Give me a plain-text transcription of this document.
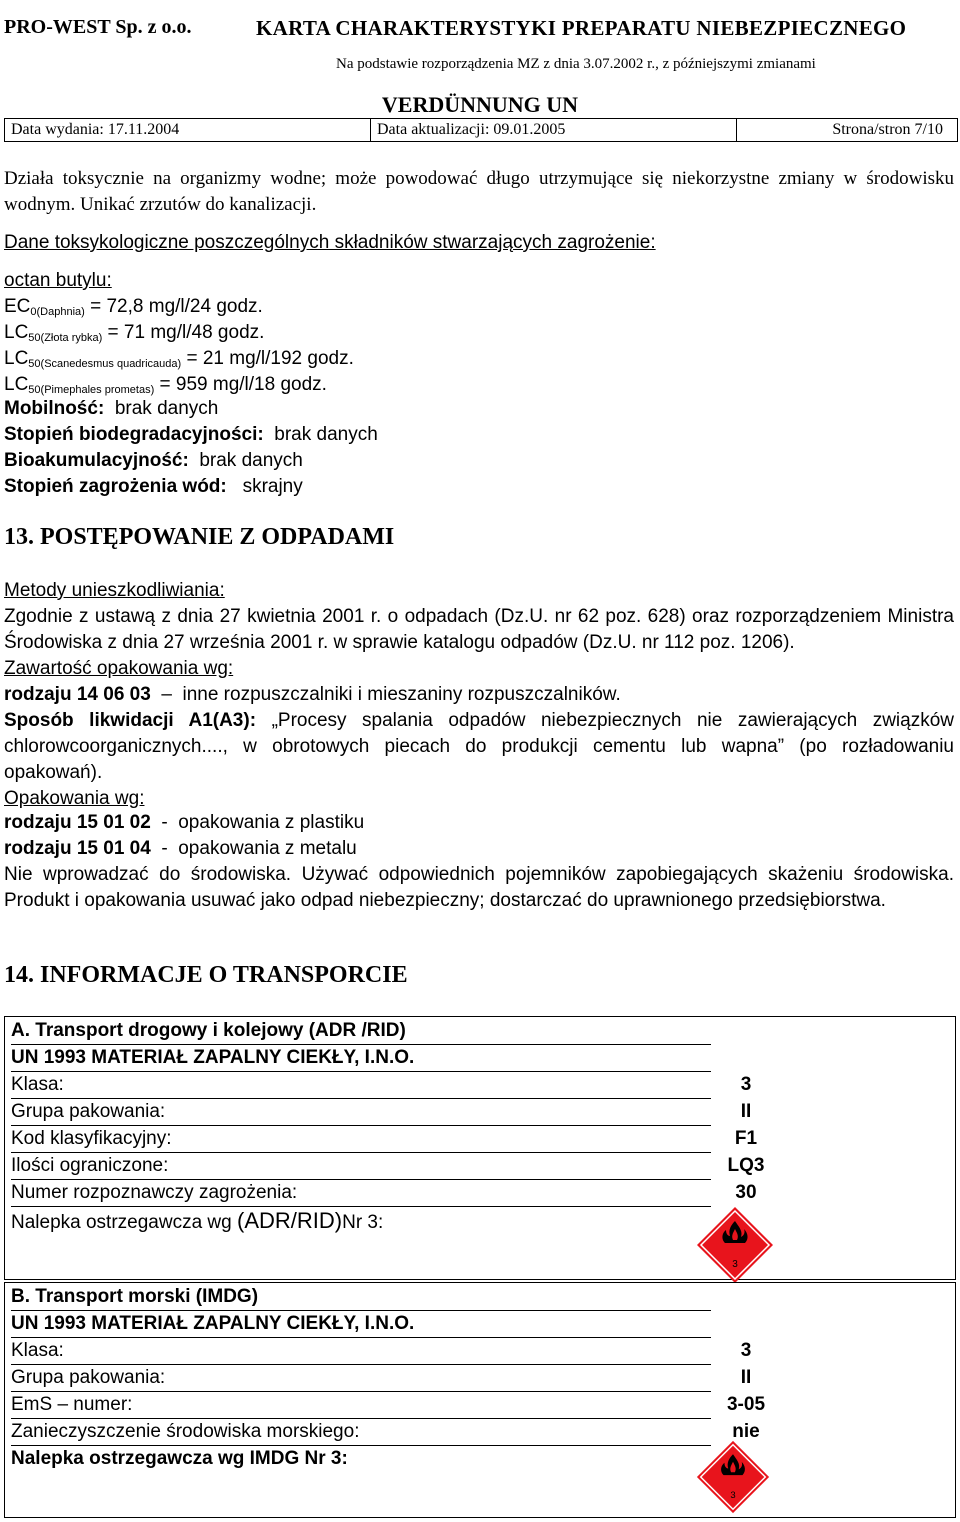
PRO-WEST Sp. z o.o.	KARTA CHARAKTERYSTYKI PREPARATU NIEBEZPIECZNEGO
Na podstawie rozporządzenia MZ z dnia 3.07.2002 r., z późniejszymi zmianami
VERDÜNNUNG UN
Data wydania: 17.11.2004	Data aktualizacji: 09.01.2005	Strona/stron 7/10
Działa toksycznie na organizmy wodne; może powodować długo utrzymujące się niekorzystne zmiany w środowisku wodnym. Unikać zrzutów do kanalizacji.
Dane toksykologiczne poszczególnych składników stwarzających zagrożenie:
octan butylu:
$EC_{0(Daphnia)} = 72,8$ mg/l/24 godz.
$LC_{50(Złota rybka)} = 71$ mg/l/48 godz.
$LC_{50(Scanedesmus quadricauda)} = 21$ mg/l/192 godz.
$LC_{50(Pimephales prometas)} = 959$ mg/l/18 godz.
Mobilność:  brak danych
Stopień biodegradacyjności:  brak danych
Bioakumulacyjność:  brak danych
Stopień zagrożenia wód:   skrajny
13. POSTĘPOWANIE Z ODPADAMI
Metody unieszkodliwiania:
Zgodnie z ustawą z dnia 27 kwietnia 2001 r. o odpadach (Dz.U. nr 62 poz. 628) oraz rozporządzeniem Ministra Środowiska z dnia 27 września 2001 r. w sprawie katalogu odpadów (Dz.U. nr 112 poz. 1206).
Zawartość opakowania wg:
rodzaju 14 06 03  –  inne rozpuszczalniki i mieszaniny rozpuszczalników.
Sposób likwidacji A1(A3): „Procesy spalania odpadów niebezpiecznych nie zawierających związków chlorowcoorganicznych...., w obrotowych piecach do produkcji cementu lub wapna” (po rozładowaniu opakowań).
Opakowania wg:
rodzaju 15 01 02  -  opakowania z plastiku
rodzaju 15 01 04  -  opakowania z metalu
Nie wprowadzać do środowiska. Używać odpowiednich pojemników zapobiegających skażeniu środowiska. Produkt i opakowania usuwać jako odpad niebezpieczny; dostarczać do uprawnionego przedsiębiorstwa.
14. INFORMACJE O TRANSPORCIE
A. Transport drogowy i kolejowy (ADR /RID)
UN 1993 MATERIAŁ ZAPALNY CIEKŁY, I.N.O.
Klasa:	3
Grupa pakowania:	II
Kod klasyfikacyjny:	F1
Ilości ograniczone:	LQ3
Numer rozpoznawczy zagrożenia:	30
Nalepka ostrzegawcza wg (ADR/RID)Nr 3:
3
B. Transport morski (IMDG)
UN 1993 MATERIAŁ ZAPALNY CIEKŁY, I.N.O.
Klasa:	3
Grupa pakowania:	II
EmS – numer:	3-05
Zanieczyszczenie środowiska morskiego:	nie
Nalepka ostrzegawcza wg IMDG Nr 3:
3
